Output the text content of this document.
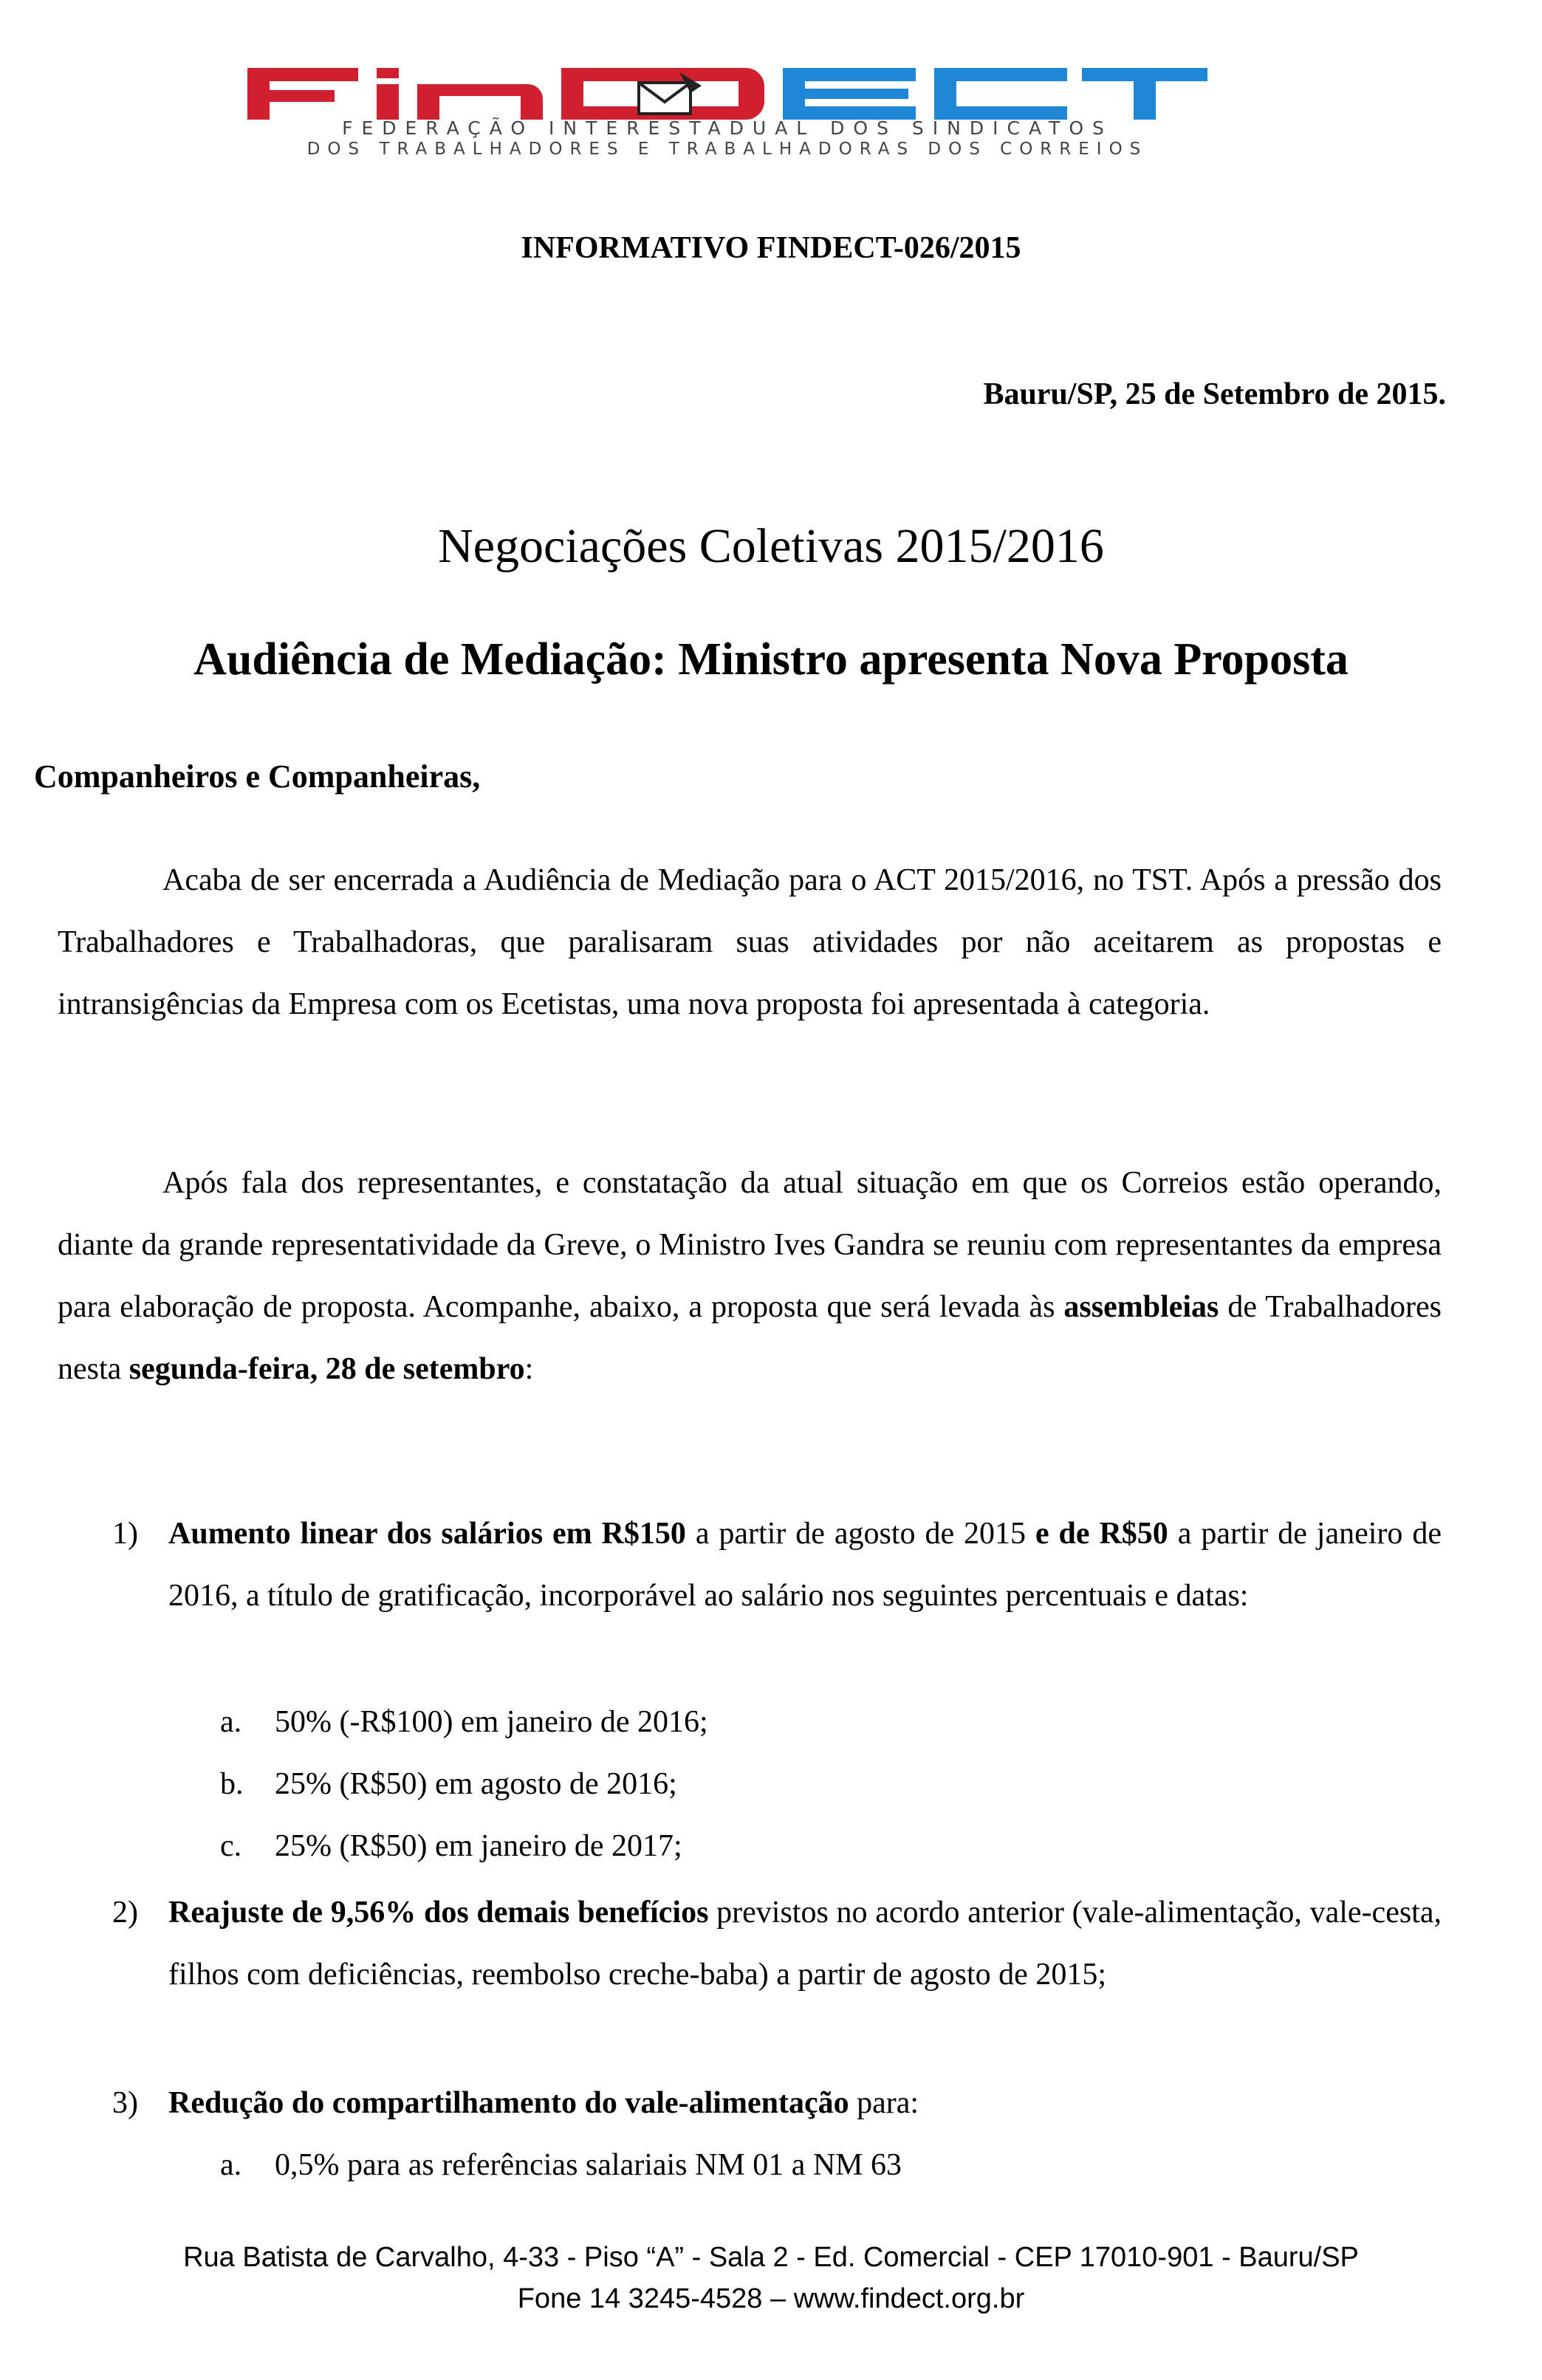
FEDERAÇÃO INTERESTADUAL DOS SINDICATOS
DOS TRABALHADORES E TRABALHADORAS DOS CORREIOS
INFORMATIVO FINDECT-026/2015
Bauru/SP, 25 de Setembro de 2015.
Negociações Coletivas 2015/2016
Audiência de Mediação: Ministro apresenta Nova Proposta
Companheiros e Companheiras,

Acaba de ser encerrada a Audiência de Mediação para o ACT 2015/2016, no TST. Após a pressão dos Trabalhadores e Trabalhadoras, que paralisaram suas atividades por não aceitarem as propostas e intransigências da Empresa com os Ecetistas, uma nova proposta foi apresentada à categoria.

Após fala dos representantes, e constatação da atual situação em que os Correios estão operando, diante da grande representatividade da Greve, o Ministro Ives Gandra se reuniu com representantes da empresa para elaboração de proposta. Acompanhe, abaixo, a proposta que será levada às assembleias de Trabalhadores nesta segunda-feira, 28 de setembro:

1) Aumento linear dos salários em R$150 a partir de agosto de 2015 e de R$50 a partir de janeiro de 2016, a título de gratificação, incorporável ao salário nos seguintes percentuais e datas:
a. 50% (-R$100) em janeiro de 2016;
b. 25% (R$50) em agosto de 2016;
c. 25% (R$50) em janeiro de 2017;
2) Reajuste de 9,56% dos demais benefícios previstos no acordo anterior (vale-alimentação, vale-cesta, filhos com deficiências, reembolso creche-baba) a partir de agosto de 2015;
3) Redução do compartilhamento do vale-alimentação para:
a. 0,5% para as referências salariais NM 01 a NM 63
Rua Batista de Carvalho, 4-33 - Piso “A” - Sala 2 - Ed. Comercial - CEP 17010-901 - Bauru/SP
Fone 14 3245-4528 – www.findect.org.br
